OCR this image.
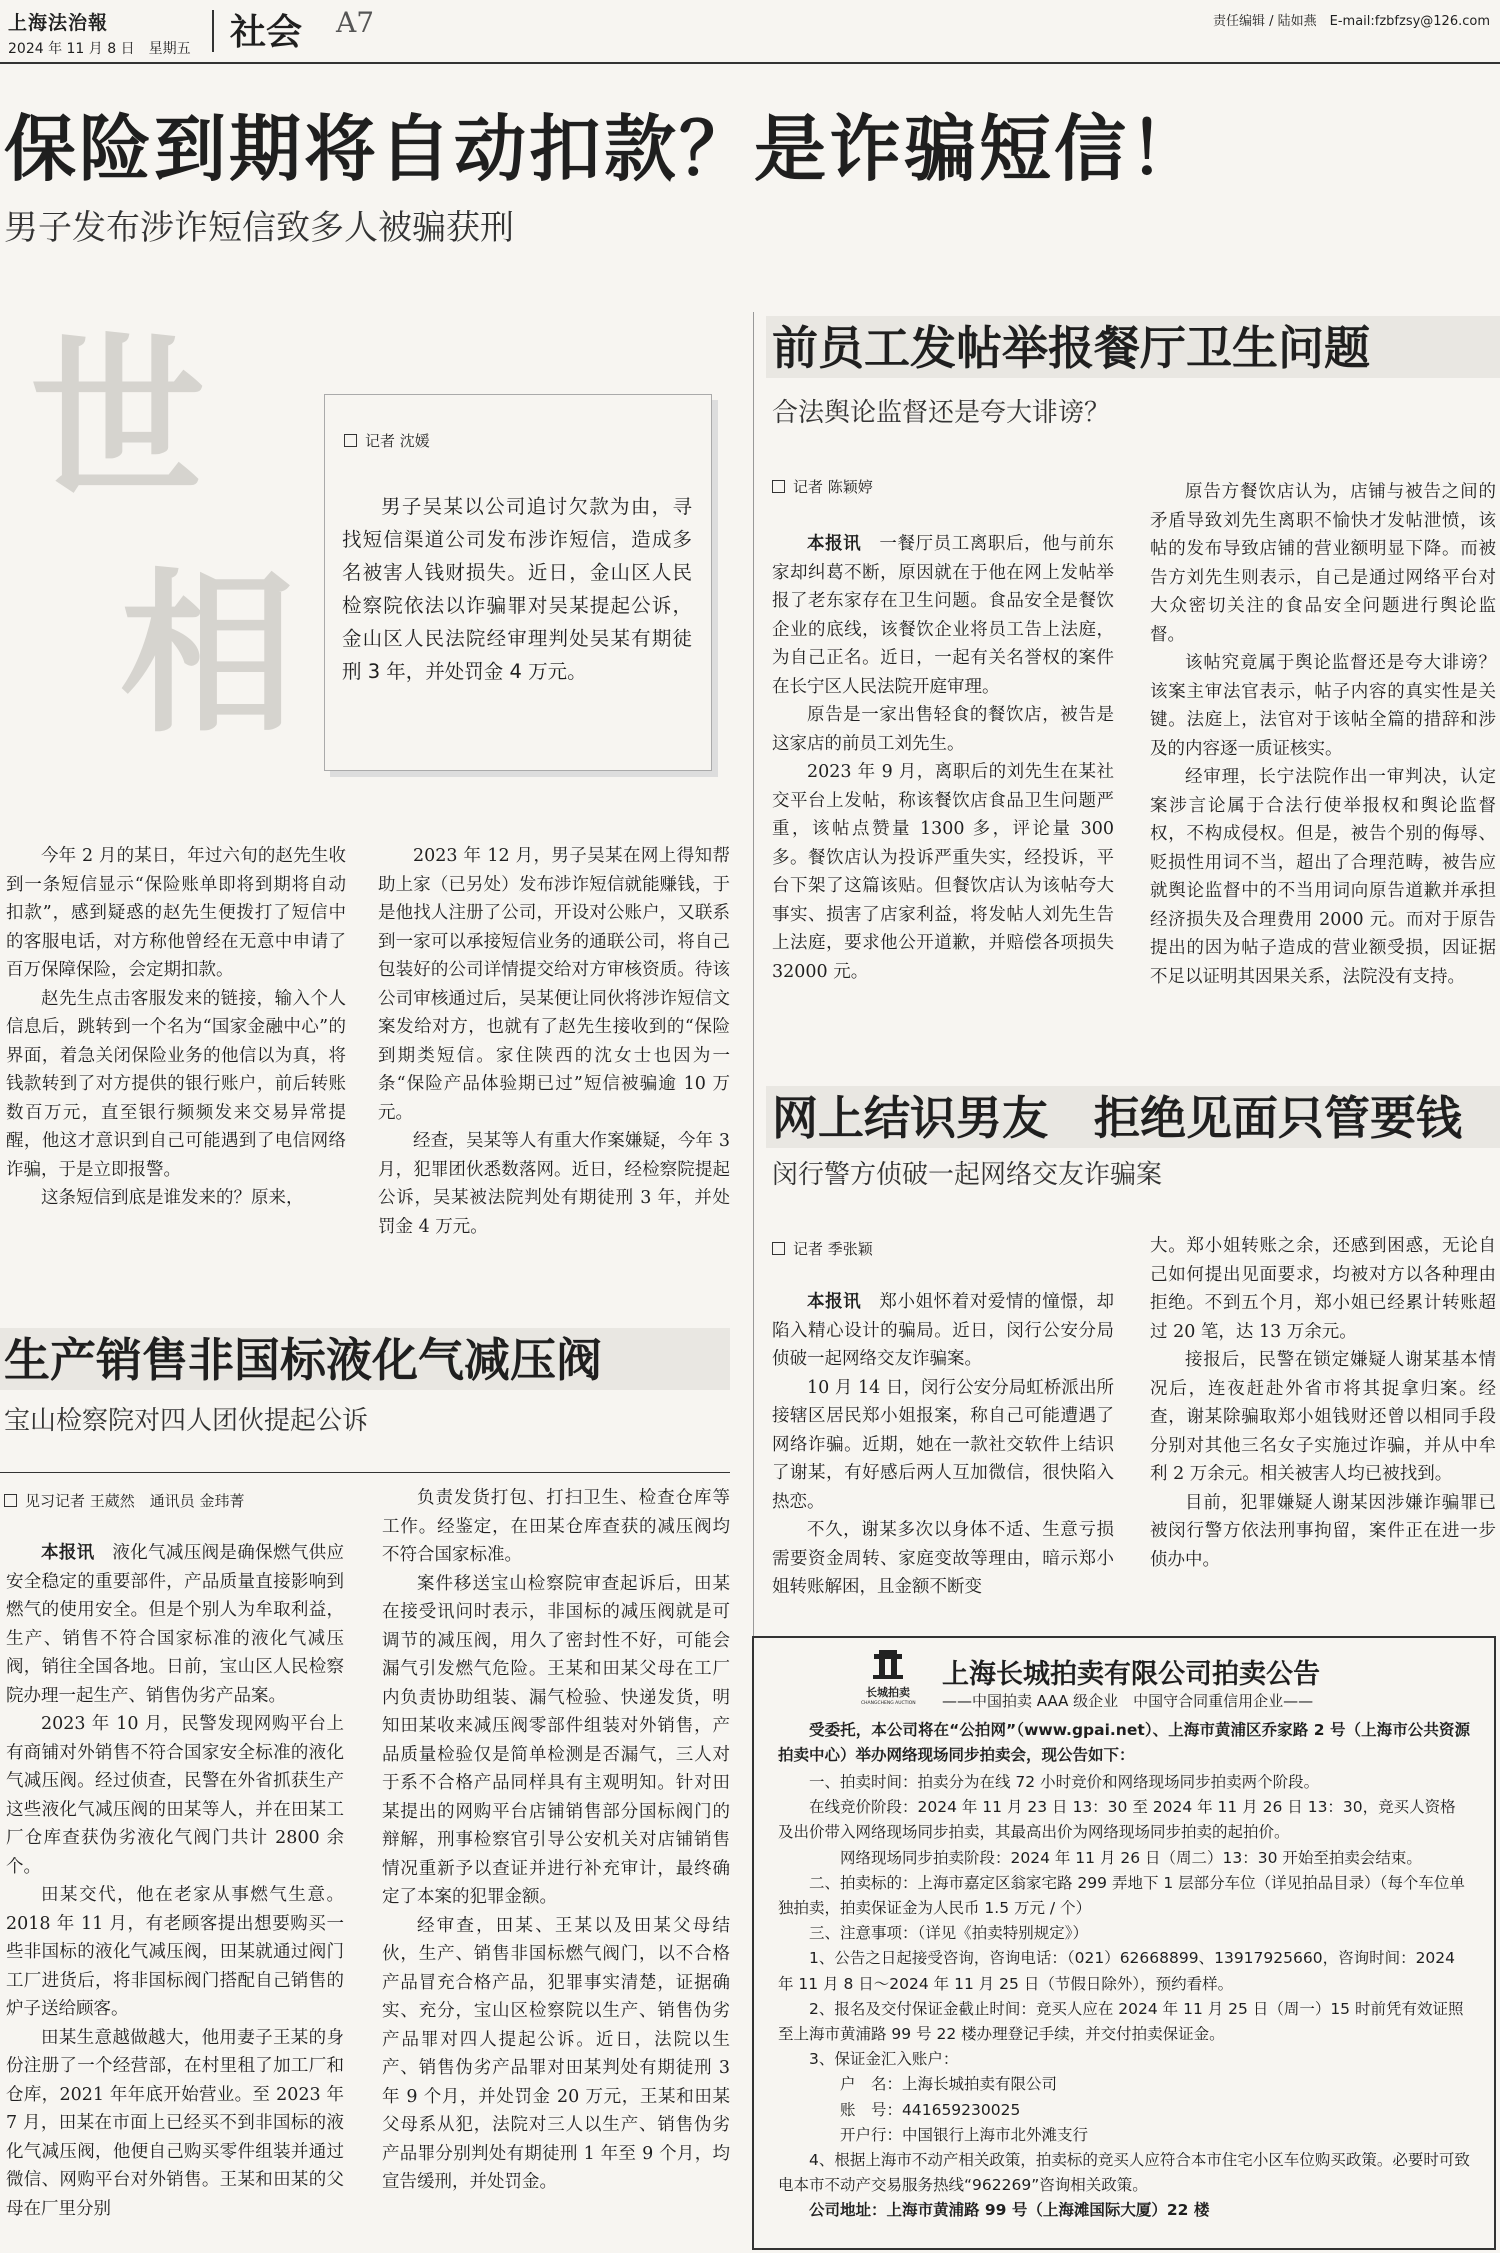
上海法治報
2024 年 11 月 8 日　星期五 社会 A7	责任编辑 / 陆如燕　E-mail:fzbfzsy@126.com
保险到期将自动扣款？是诈骗短信！
男子发布涉诈短信致多人被骗获刑
世
相
记者 沈媛
男子吴某以公司追讨欠款为由，寻找短信渠道公司发布涉诈短信，造成多名被害人钱财损失。近日，金山区人民检察院依法以诈骗罪对吴某提起公诉，金山区人民法院经审理判处吴某有期徒刑 3 年，并处罚金 4 万元。

今年 2 月的某日，年过六旬的赵先生收到一条短信显示“保险账单即将到期将自动扣款”，感到疑惑的赵先生便拨打了短信中的客服电话，对方称他曾经在无意中申请了百万保障保险，会定期扣款。

赵先生点击客服发来的链接，输入个人信息后，跳转到一个名为“国家金融中心”的界面，着急关闭保险业务的他信以为真，将钱款转到了对方提供的银行账户，前后转账数百万元，直至银行频频发来交易异常提醒，他这才意识到自己可能遇到了电信网络诈骗，于是立即报警。

这条短信到底是谁发来的？原来，

2023 年 12 月，男子吴某在网上得知帮助上家（已另处）发布涉诈短信就能赚钱，于是他找人注册了公司，开设对公账户，又联系到一家可以承接短信业务的通联公司，将自己包装好的公司详情提交给对方审核资质。待该公司审核通过后，吴某便让同伙将涉诈短信文案发给对方，也就有了赵先生接收到的“保险到期类短信。家住陕西的沈女士也因为一条“保险产品体验期已过”短信被骗逾 10 万元。

经查，吴某等人有重大作案嫌疑，今年 3 月，犯罪团伙悉数落网。近日，经检察院提起公诉，吴某被法院判处有期徒刑 3 年，并处罚金 4 万元。

生产销售非国标液化气减压阀
宝山检察院对四人团伙提起公诉
见习记者 王葳然　通讯员 金玮菁

本报讯　 液化气减压阀是确保燃气供应安全稳定的重要部件，产品质量直接影响到燃气的使用安全。但是个别人为牟取利益，生产、销售不符合国家标准的液化气减压阀，销往全国各地。日前，宝山区人民检察院办理一起生产、销售伪劣产品案。

2023 年 10 月，民警发现网购平台上有商铺对外销售不符合国家安全标准的液化气减压阀。经过侦查，民警在外省抓获生产这些液化气减压阀的田某等人，并在田某工厂仓库查获伪劣液化气阀门共计 2800 余个。

田某交代，他在老家从事燃气生意。2018 年 11 月，有老顾客提出想要购买一些非国标的液化气减压阀，田某就通过阀门工厂进货后，将非国标阀门搭配自己销售的炉子送给顾客。

田某生意越做越大，他用妻子王某的身份注册了一个经营部，在村里租了加工厂和仓库，2021 年年底开始营业。至 2023 年 7 月，田某在市面上已经买不到非国标的液化气减压阀，他便自己购买零件组装并通过微信、网购平台对外销售。王某和田某的父母在厂里分别

负责发货打包、打扫卫生、检查仓库等工作。经鉴定，在田某仓库查获的减压阀均不符合国家标准。

案件移送宝山检察院审查起诉后，田某在接受讯问时表示，非国标的减压阀就是可调节的减压阀，用久了密封性不好，可能会漏气引发燃气危险。王某和田某父母在工厂内负责协助组装、漏气检验、快递发货，明知田某收来减压阀零部件组装对外销售，产品质量检验仅是简单检测是否漏气，三人对于系不合格产品同样具有主观明知。针对田某提出的网购平台店铺销售部分国标阀门的辩解，刑事检察官引导公安机关对店铺销售情况重新予以查证并进行补充审计，最终确定了本案的犯罪金额。

经审查，田某、王某以及田某父母结伙，生产、销售非国标燃气阀门，以不合格产品冒充合格产品，犯罪事实清楚，证据确实、充分，宝山区检察院以生产、销售伪劣产品罪对四人提起公诉。近日，法院以生产、销售伪劣产品罪对田某判处有期徒刑 3 年 9 个月，并处罚金 20 万元，王某和田某父母系从犯，法院对三人以生产、销售伪劣产品罪分别判处有期徒刑 1 年至 9 个月，均宣告缓刑，并处罚金。

前员工发帖举报餐厅卫生问题
合法舆论监督还是夸大诽谤？
记者 陈颖婷

本报讯　 一餐厅员工离职后，他与前东家却纠葛不断，原因就在于他在网上发帖举报了老东家存在卫生问题。食品安全是餐饮企业的底线，该餐饮企业将员工告上法庭，为自己正名。近日，一起有关名誉权的案件在长宁区人民法院开庭审理。

原告是一家出售轻食的餐饮店，被告是这家店的前员工刘先生。

2023 年 9 月，离职后的刘先生在某社交平台上发帖，称该餐饮店食品卫生问题严重，该帖点赞量 1300 多，评论量 300 多。餐饮店认为投诉严重失实，经投诉，平台下架了这篇该贴。但餐饮店认为该帖夸大事实、损害了店家利益，将发帖人刘先生告上法庭，要求他公开道歉，并赔偿各项损失 32000 元。

原告方餐饮店认为，店铺与被告之间的矛盾导致刘先生离职不愉快才发帖泄愤，该帖的发布导致店铺的营业额明显下降。而被告方刘先生则表示，自己是通过网络平台对大众密切关注的食品安全问题进行舆论监督。

该帖究竟属于舆论监督还是夸大诽谤？该案主审法官表示，帖子内容的真实性是关键。法庭上，法官对于该帖全篇的措辞和涉及的内容逐一质证核实。

经审理，长宁法院作出一审判决，认定案涉言论属于合法行使举报权和舆论监督权，不构成侵权。但是，被告个别的侮辱、贬损性用词不当，超出了合理范畴，被告应就舆论监督中的不当用词向原告道歉并承担经济损失及合理费用 2000 元。而对于原告提出的因为帖子造成的营业额受损，因证据不足以证明其因果关系，法院没有支持。

网上结识男友　拒绝见面只管要钱
闵行警方侦破一起网络交友诈骗案
记者 季张颖

本报讯　 郑小姐怀着对爱情的憧憬，却陷入精心设计的骗局。近日，闵行公安分局侦破一起网络交友诈骗案。

10 月 14 日，闵行公安分局虹桥派出所接辖区居民郑小姐报案，称自己可能遭遇了网络诈骗。近期，她在一款社交软件上结识了谢某，有好感后两人互加微信，很快陷入热恋。

不久，谢某多次以身体不适、生意亏损需要资金周转、家庭变故等理由，暗示郑小姐转账解困，且金额不断变

大。郑小姐转账之余，还感到困惑，无论自己如何提出见面要求，均被对方以各种理由拒绝。不到五个月，郑小姐已经累计转账超过 20 笔，达 13 万余元。

接报后，民警在锁定嫌疑人谢某基本情况后，连夜赶赴外省市将其捉拿归案。经查，谢某除骗取郑小姐钱财还曾以相同手段分别对其他三名女子实施过诈骗，并从中牟利 2 万余元。相关被害人均已被找到。

目前，犯罪嫌疑人谢某因涉嫌诈骗罪已被闵行警方依法刑事拘留，案件正在进一步侦办中。

长城拍卖
CHANGCHENG AUCTION
上海长城拍卖有限公司拍卖公告
——中国拍卖 AAA 级企业　中国守合同重信用企业——
受委托，本公司将在“公拍网”（www.gpai.net）、上海市黄浦区乔家路 2 号（上海市公共资源拍卖中心）举办网络现场同步拍卖会，现公告如下：
一、拍卖时间：拍卖分为在线 72 小时竞价和网络现场同步拍卖两个阶段。
在线竞价阶段：2024 年 11 月 23 日 13：30 至 2024 年 11 月 26 日 13：30，竞买人资格及出价带入网络现场同步拍卖，其最高出价为网络现场同步拍卖的起拍价。
网络现场同步拍卖阶段：2024 年 11 月 26 日（周二）13：30 开始至拍卖会结束。
二、拍卖标的：上海市嘉定区翁家宅路 299 弄地下 1 层部分车位（详见拍品目录）（每个车位单独拍卖，拍卖保证金为人民币 1.5 万元 / 个）
三、注意事项：（详见《拍卖特别规定》）
1、公告之日起接受咨询，咨询电话：（021）62668899、13917925660，咨询时间：2024 年 11 月 8 日～2024 年 11 月 25 日（节假日除外），预约看样。
2、报名及交付保证金截止时间：竞买人应在 2024 年 11 月 25 日（周一）15 时前凭有效证照至上海市黄浦路 99 号 22 楼办理登记手续，并交付拍卖保证金。
3、保证金汇入账户：
户　名：上海长城拍卖有限公司
账　号：441659230025
开户行：中国银行上海市北外滩支行
4、根据上海市不动产相关政策，拍卖标的竞买人应符合本市住宅小区车位购买政策。必要时可致电本市不动产交易服务热线“962269”咨询相关政策。
公司地址：上海市黄浦路 99 号（上海滩国际大厦）22 楼
